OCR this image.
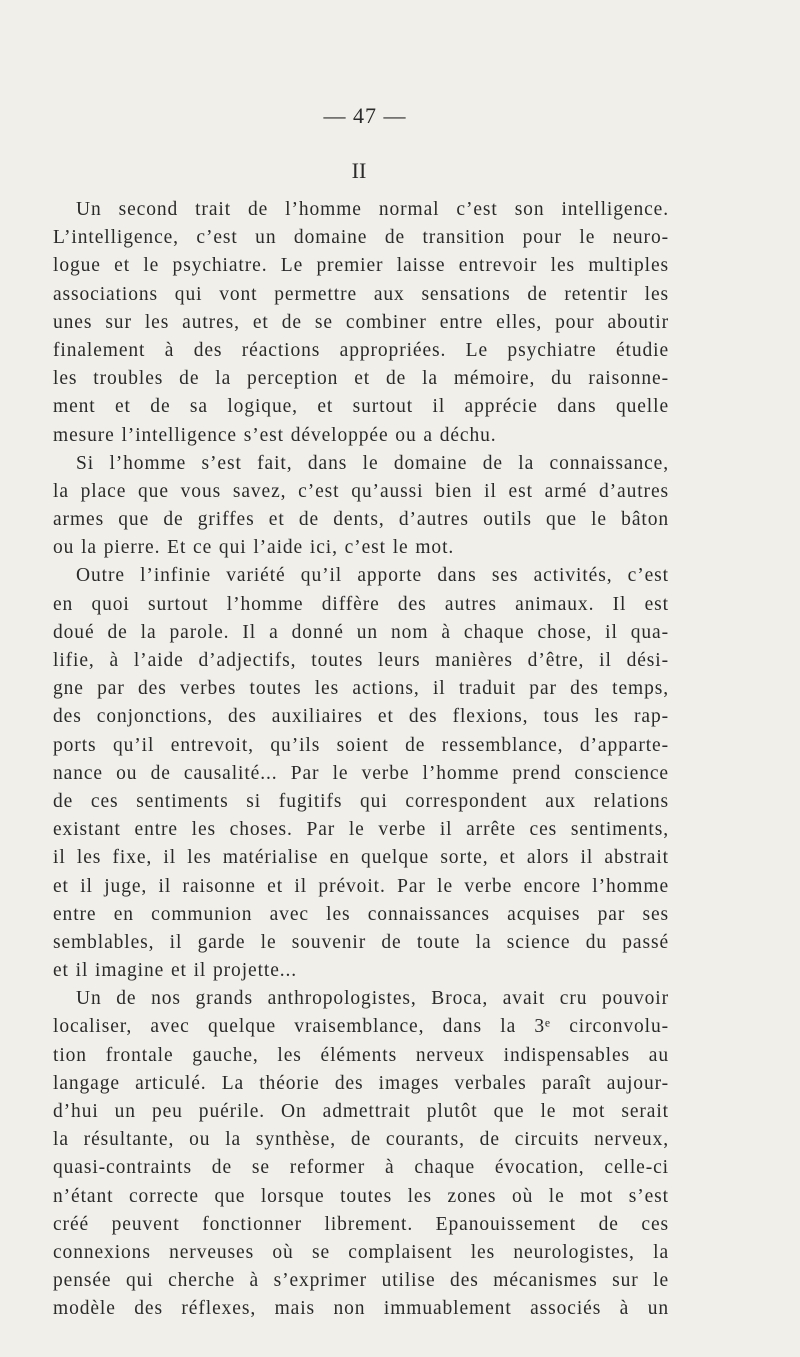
— 47 —
II
Un second trait de l’homme normal c’est son intelligence.
L’intelligence, c’est un domaine de transition pour le neuro-
logue et le psychiatre. Le premier laisse entrevoir les multiples
associations qui vont permettre aux sensations de retentir les
unes sur les autres, et de se combiner entre elles, pour aboutir
finalement à des réactions appropriées. Le psychiatre étudie
les troubles de la perception et de la mémoire, du raisonne-
ment et de sa logique, et surtout il apprécie dans quelle
mesure l’intelligence s’est développée ou a déchu.
Si l’homme s’est fait, dans le domaine de la connaissance,
la place que vous savez, c’est qu’aussi bien il est armé d’autres
armes que de griffes et de dents, d’autres outils que le bâton
ou la pierre. Et ce qui l’aide ici, c’est le mot.
Outre l’infinie variété qu’il apporte dans ses activités, c’est
en quoi surtout l’homme diffère des autres animaux. Il est
doué de la parole. Il a donné un nom à chaque chose, il qua-
lifie, à l’aide d’adjectifs, toutes leurs manières d’être, il dési-
gne par des verbes toutes les actions, il traduit par des temps,
des conjonctions, des auxiliaires et des flexions, tous les rap-
ports qu’il entrevoit, qu’ils soient de ressemblance, d’apparte-
nance ou de causalité... Par le verbe l’homme prend conscience
de ces sentiments si fugitifs qui correspondent aux relations
existant entre les choses. Par le verbe il arrête ces sentiments,
il les fixe, il les matérialise en quelque sorte, et alors il abstrait
et il juge, il raisonne et il prévoit. Par le verbe encore l’homme
entre en communion avec les connaissances acquises par ses
semblables, il garde le souvenir de toute la science du passé
et il imagine et il projette...
Un de nos grands anthropologistes, Broca, avait cru pouvoir
localiser, avec quelque vraisemblance, dans la 3ᵉ circonvolu-
tion frontale gauche, les éléments nerveux indispensables au
langage articulé. La théorie des images verbales paraît aujour-
d’hui un peu puérile. On admettrait plutôt que le mot serait
la résultante, ou la synthèse, de courants, de circuits nerveux,
quasi-contraints de se reformer à chaque évocation, celle-ci
n’étant correcte que lorsque toutes les zones où le mot s’est
créé peuvent fonctionner librement. Epanouissement de ces
connexions nerveuses où se complaisent les neurologistes, la
pensée qui cherche à s’exprimer utilise des mécanismes sur le
modèle des réflexes, mais non immuablement associés à un
